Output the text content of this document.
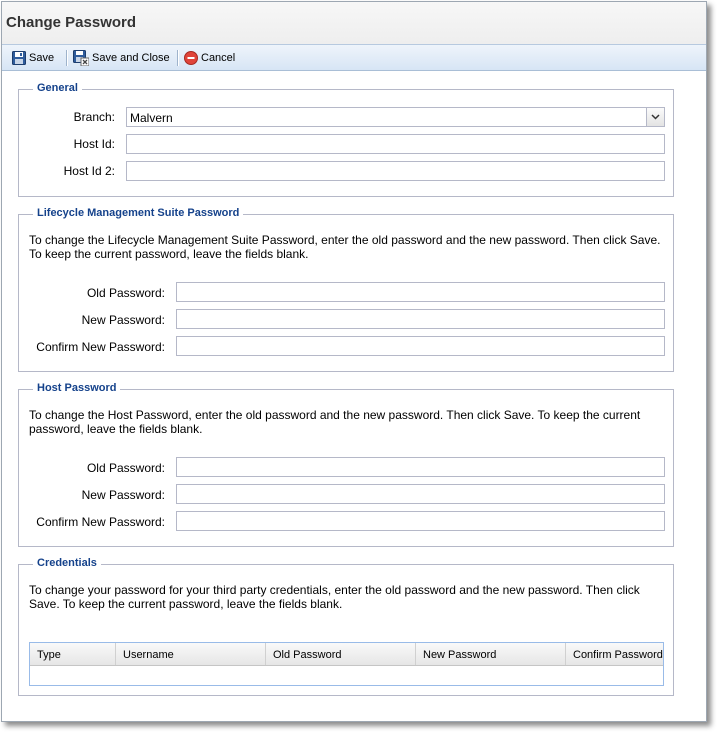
Change Password
Save	Save and Close	Cancel
General
Branch: Malvern
Host Id:
Host Id 2:
Lifecycle Management Suite Password
To change the Lifecycle Management Suite Password, enter the old password and the new password. Then click Save. To keep the current password, leave the fields blank.
Old Password:
New Password:
Confirm New Password:
Host Password
To change the Host Password, enter the old password and the new password. Then click Save. To keep the current password, leave the fields blank.
Old Password:
New Password:
Confirm New Password:
Credentials
To change your password for your third party credentials, enter the old password and the new password. Then click Save. To keep the current password, leave the fields blank.
Type	Username	Old Password	New Password	Confirm Password
